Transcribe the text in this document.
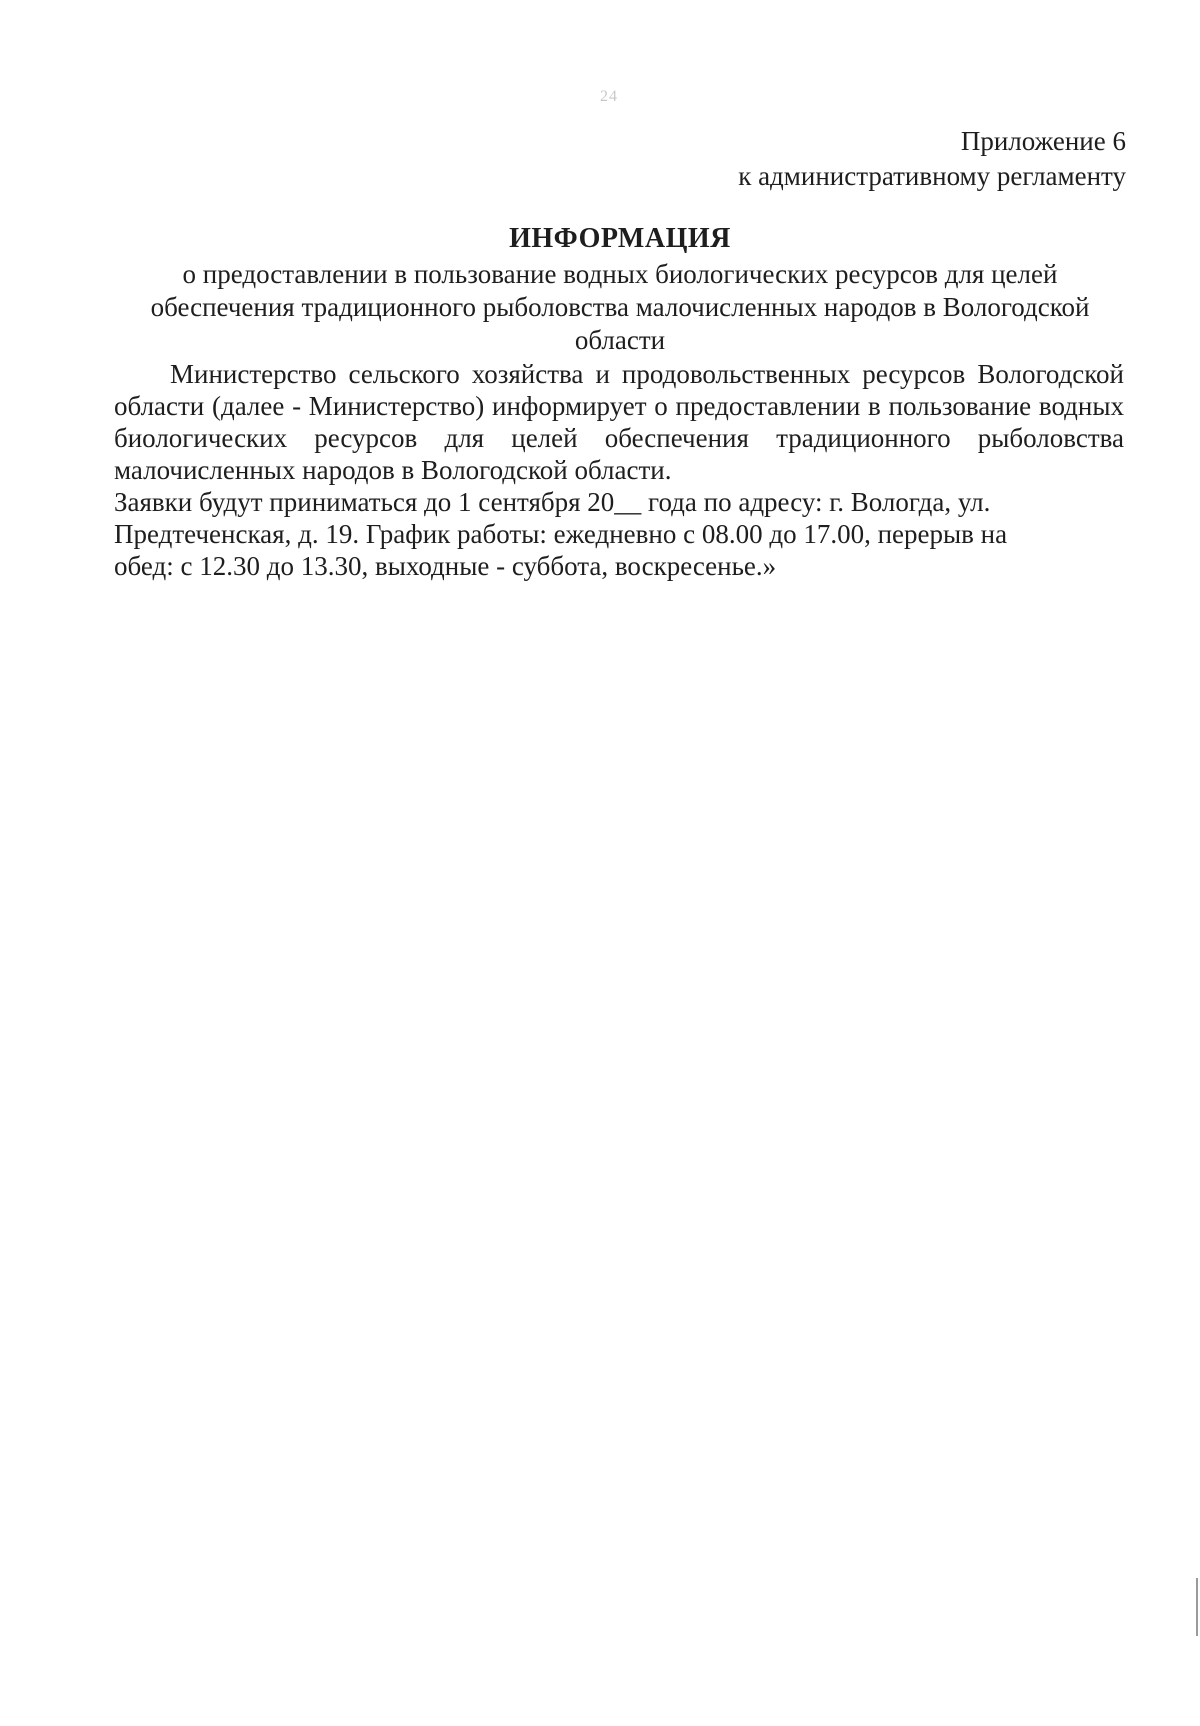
24
Приложение 6
к административному регламенту
ИНФОРМАЦИЯ
о предоставлении в пользование водных биологических ресурсов для целей обеспечения традиционного рыболовства малочисленных народов в Вологодской области

Министерство сельского хозяйства и продовольственных ресурсов Вологодской области (далее - Министерство) информирует о предоставлении в пользование водных биологических ресурсов для целей обеспечения традиционного рыболовства малочисленных народов в Вологодской области.

Заявки будут приниматься до 1 сентября 20__ года по адресу: г. Вологда, ул.

Предтеченская, д. 19. График работы: ежедневно с 08.00 до 17.00, перерыв на

обед: с 12.30 до 13.30, выходные - суббота, воскресенье.»
